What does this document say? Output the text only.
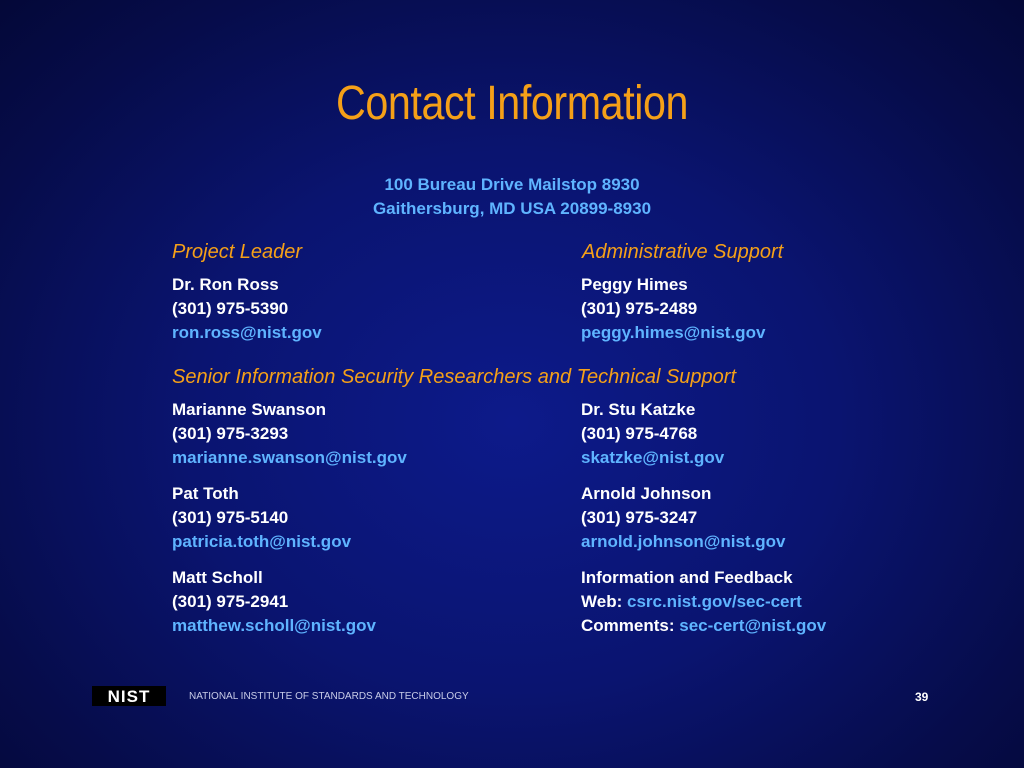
Contact Information
100 Bureau Drive Mailstop 8930
Gaithersburg, MD USA 20899-8930
Project Leader
Dr. Ron Ross
(301) 975-5390
ron.ross@nist.gov
Administrative Support
Peggy Himes
(301) 975-2489
peggy.himes@nist.gov
Senior Information Security Researchers and Technical Support
Marianne Swanson
(301) 975-3293
marianne.swanson@nist.gov
Dr. Stu Katzke
(301) 975-4768
skatzke@nist.gov
Pat Toth
(301) 975-5140
patricia.toth@nist.gov
Arnold Johnson
(301) 975-3247
arnold.johnson@nist.gov
Matt Scholl
(301) 975-2941
matthew.scholl@nist.gov
Information and Feedback
Web: csrc.nist.gov/sec-cert
Comments: sec-cert@nist.gov
NIST	NATIONAL INSTITUTE OF STANDARDS AND TECHNOLOGY	39
